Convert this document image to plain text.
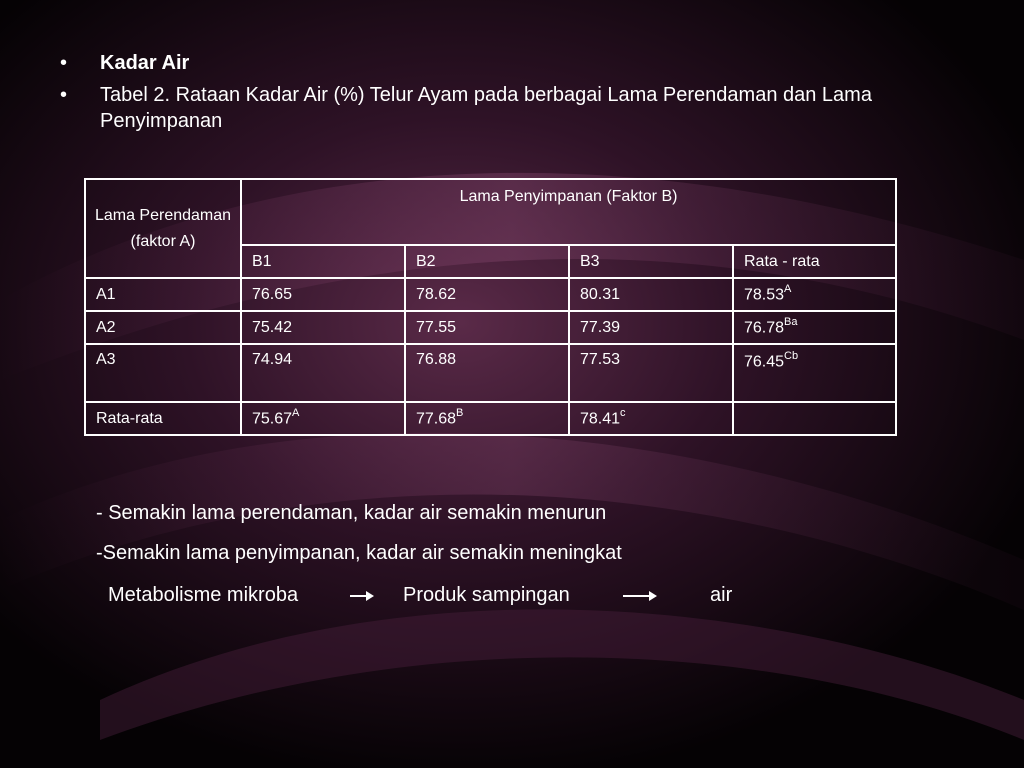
• Kadar Air
• Tabel 2. Rataan Kadar Air (%) Telur Ayam pada berbagai Lama Perendaman dan Lama Penyimpanan
Lama Perendaman
(faktor A)	Lama Penyimpanan (Faktor B)			
	B1	B2	B3	Rata - rata
A1	76.65	78.62	80.31	$78.53^A$
A2	75.42	77.55	77.39	$76.78^{Ba}$
A3	74.94	76.88	77.53	$76.45^{Cb}$
Rata-rata	$75.67^A$	$77.68^B$	78.41$^c$	
- Semakin lama perendaman, kadar air semakin menurun
-Semakin lama penyimpanan, kadar air semakin meningkat
Metabolisme mikroba	Produk sampingan	air
